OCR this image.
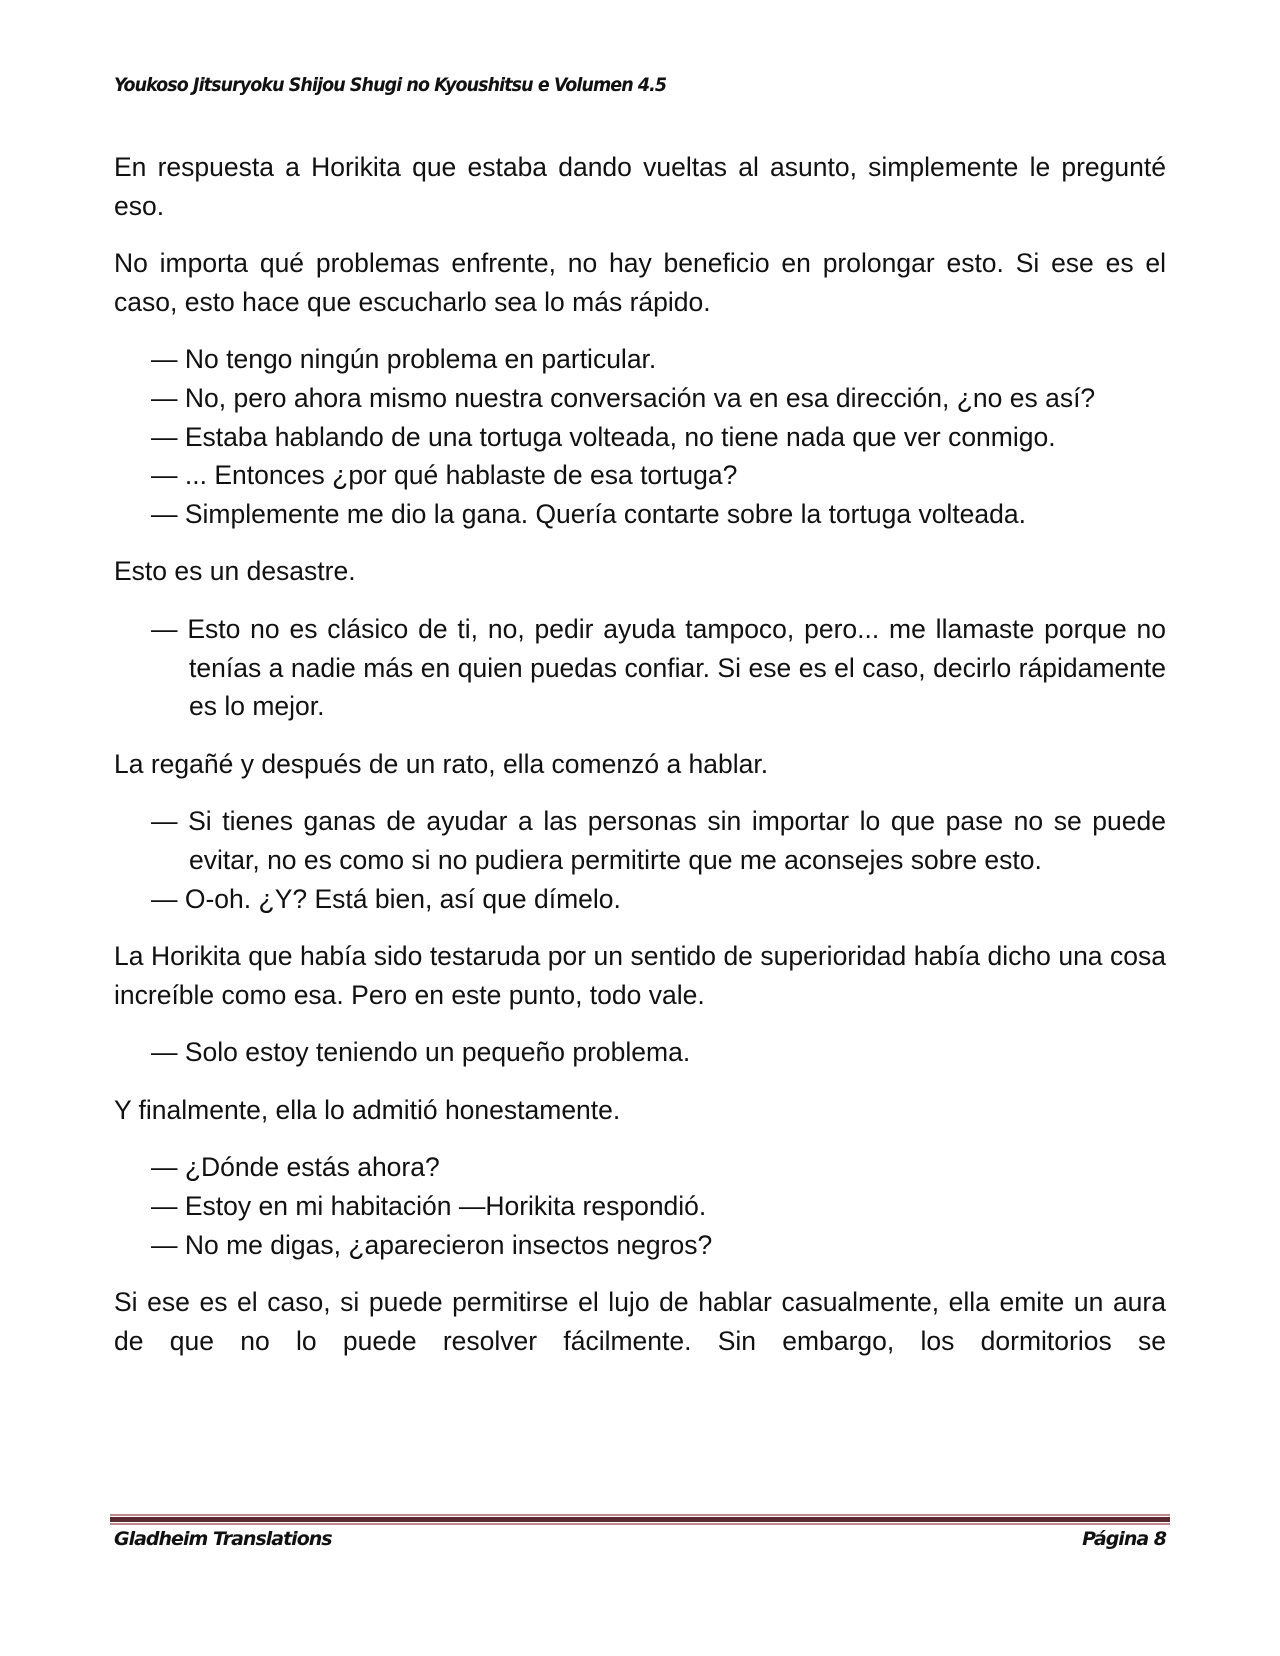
Youkoso Jitsuryoku Shijou Shugi no Kyoushitsu e Volumen 4.5

En respuesta a Horikita que estaba dando vueltas al asunto, simplemente le pregunté eso.

No importa qué problemas enfrente, no hay beneficio en prolongar esto. Si ese es el caso, esto hace que escucharlo sea lo más rápido.

— No tengo ningún problema en particular.
— No, pero ahora mismo nuestra conversación va en esa dirección, ¿no es así?
— Estaba hablando de una tortuga volteada, no tiene nada que ver conmigo.
— ... Entonces ¿por qué hablaste de esa tortuga?
— Simplemente me dio la gana. Quería contarte sobre la tortuga volteada.

Esto es un desastre.

— Esto no es clásico de ti, no, pedir ayuda tampoco, pero... me llamaste porque no tenías a nadie más en quien puedas confiar. Si ese es el caso, decirlo rápidamente es lo mejor.

La regañé y después de un rato, ella comenzó a hablar.

— Si tienes ganas de ayudar a las personas sin importar lo que pase no se puede evitar, no es como si no pudiera permitirte que me aconsejes sobre esto.
— O-oh. ¿Y? Está bien, así que dímelo.

La Horikita que había sido testaruda por un sentido de superioridad había dicho una cosa increíble como esa. Pero en este punto, todo vale.

— Solo estoy teniendo un pequeño problema.

Y finalmente, ella lo admitió honestamente.

— ¿Dónde estás ahora?
— Estoy en mi habitación —Horikita respondió.
— No me digas, ¿aparecieron insectos negros?

Si ese es el caso, si puede permitirse el lujo de hablar casualmente, ella emite un aura de que no lo puede resolver fácilmente. Sin embargo, los dormitorios se

Gladheim Translations	Página 8
